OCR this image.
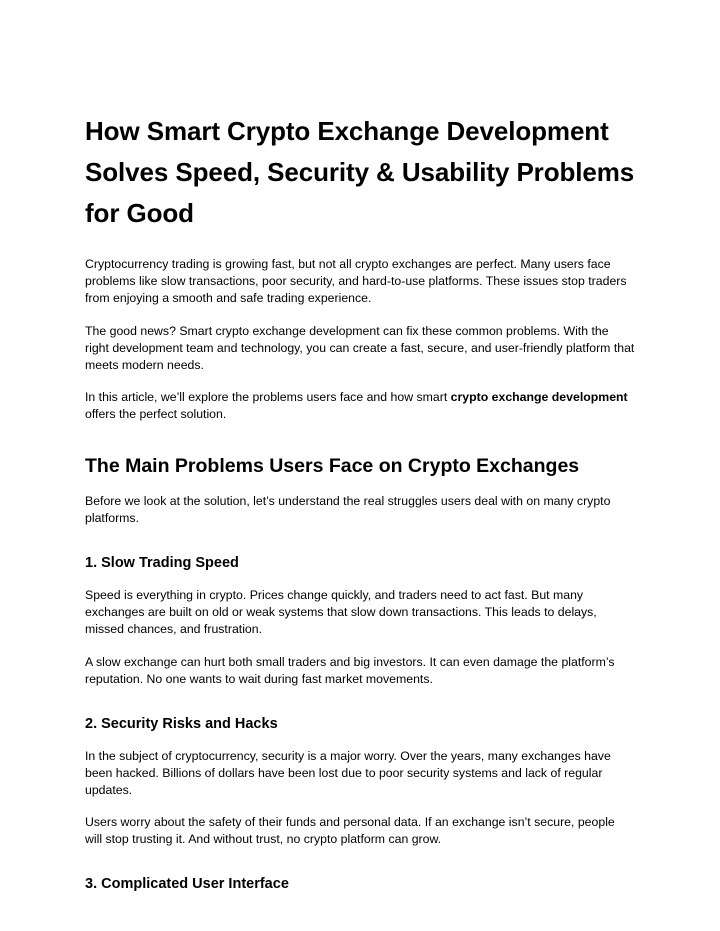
How Smart Crypto Exchange Development Solves Speed, Security & Usability Problems for Good

Cryptocurrency trading is growing fast, but not all crypto exchanges are perfect. Many users face problems like slow transactions, poor security, and hard-to-use platforms. These issues stop traders from enjoying a smooth and safe trading experience.

The good news? Smart crypto exchange development can fix these common problems. With the right development team and technology, you can create a fast, secure, and user-friendly platform that meets modern needs.

In this article, we’ll explore the problems users face and how smart crypto exchange development offers the perfect solution.

The Main Problems Users Face on Crypto Exchanges

Before we look at the solution, let’s understand the real struggles users deal with on many crypto platforms.

1. Slow Trading Speed

Speed is everything in crypto. Prices change quickly, and traders need to act fast. But many exchanges are built on old or weak systems that slow down transactions. This leads to delays, missed chances, and frustration.

A slow exchange can hurt both small traders and big investors. It can even damage the platform’s reputation. No one wants to wait during fast market movements.

2. Security Risks and Hacks

In the subject of cryptocurrency, security is a major worry. Over the years, many exchanges have been hacked. Billions of dollars have been lost due to poor security systems and lack of regular updates.

Users worry about the safety of their funds and personal data. If an exchange isn’t secure, people will stop trusting it. And without trust, no crypto platform can grow.

3. Complicated User Interface
